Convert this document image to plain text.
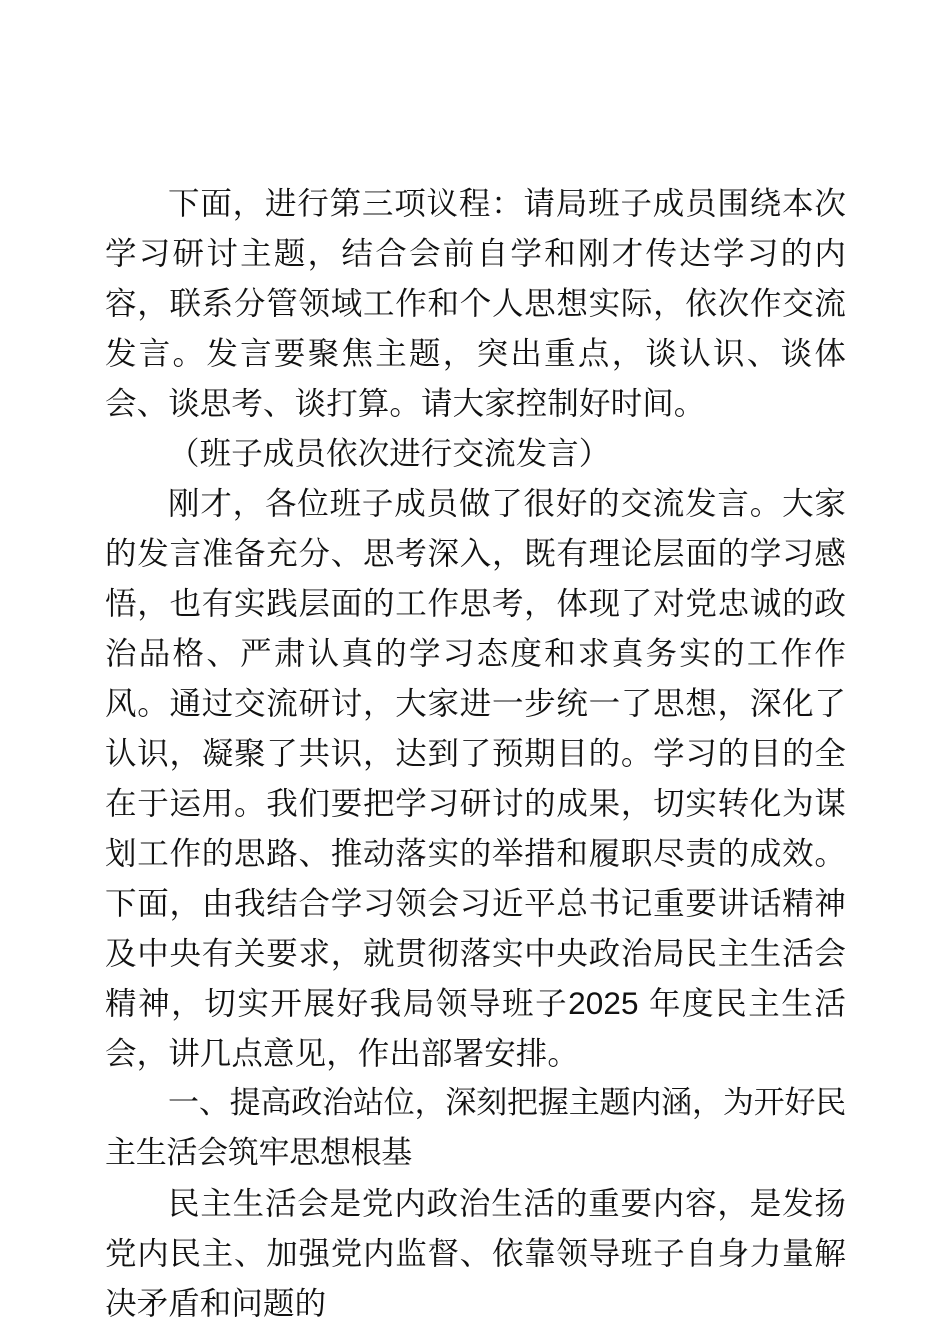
下面，进行第三项议程：请局班子成员围绕本次学习研讨主题，结合会前自学和刚才传达学习的内容，联系分管领域工作和个人思想实际，依次作交流发言。发言要聚焦主题，突出重点，谈认识、谈体会、谈思考、谈打算。请大家控制好时间。

（班子成员依次进行交流发言）

刚才，各位班子成员做了很好的交流发言。大家的发言准备充分、思考深入，既有理论层面的学习感悟，也有实践层面的工作思考，体现了对党忠诚的政治品格、严肃认真的学习态度和求真务实的工作作风。通过交流研讨，大家进一步统一了思想，深化了认识，凝聚了共识，达到了预期目的。学习的目的全在于运用。我们要把学习研讨的成果，切实转化为谋划工作的思路、推动落实的举措和履职尽责的成效。下面，由我结合学习领会习近平总书记重要讲话精神及中央有关要求，就贯彻落实中央政治局民主生活会精神，切实开展好我局领导班子2025 年度民主生活会，讲几点意见，作出部署安排。

一、提高政治站位，深刻把握主题内涵，为开好民主生活会筑牢思想根基

民主生活会是党内政治生活的重要内容，是发扬党内民主、加强党内监督、依靠领导班子自身力量解决矛盾和问题的
